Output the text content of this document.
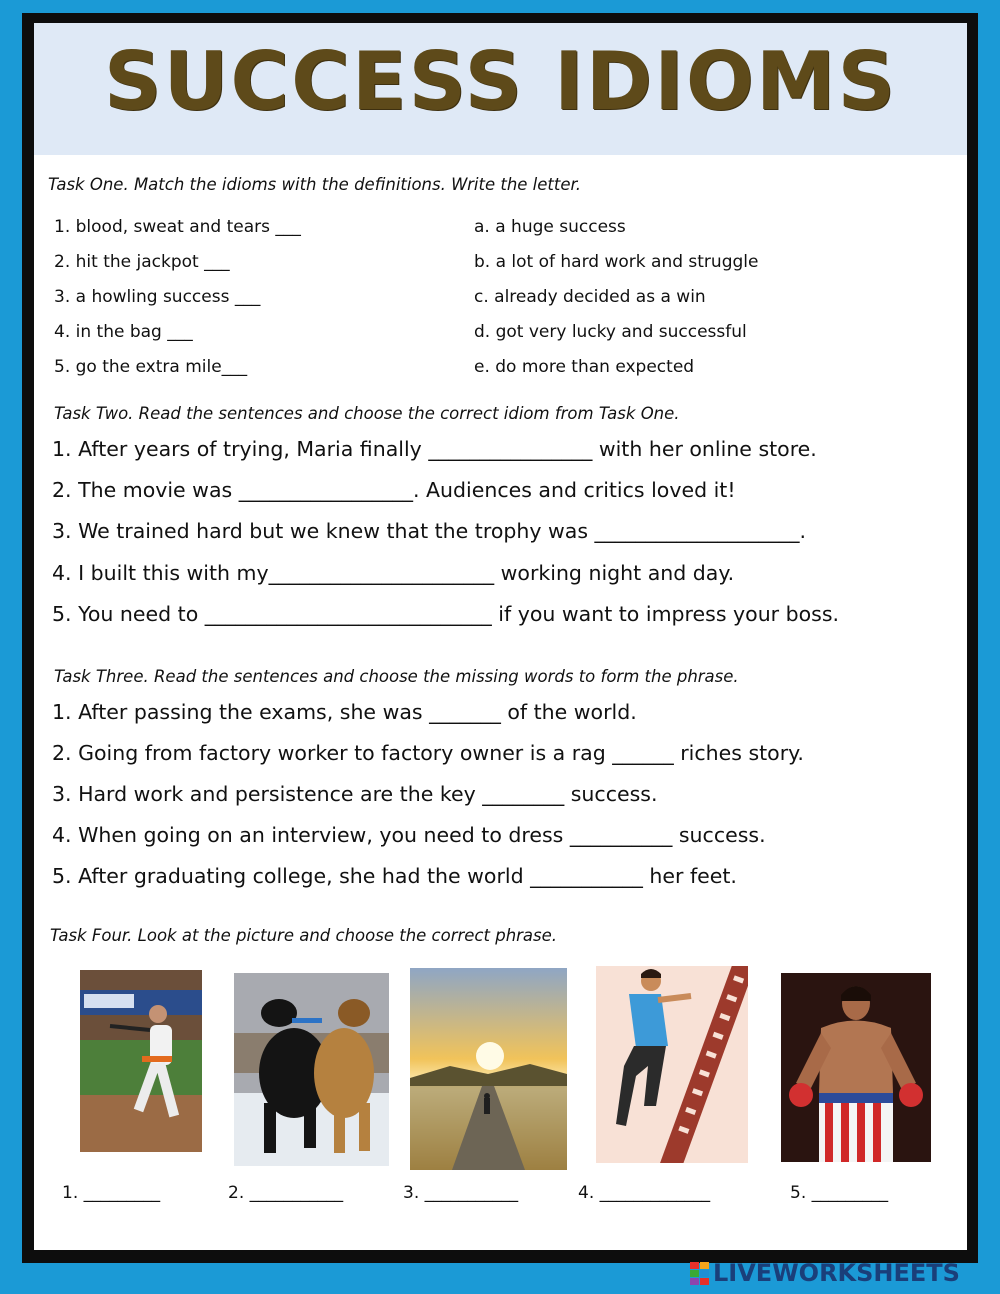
SUCCESS IDIOMS
Task One. Match the idioms with the definitions. Write the letter.
1. blood, sweat and tears ___
2. hit the jackpot ___
3. a howling success ___
4. in the bag ___
5. go the extra mile___
a. a huge success
b. a lot of hard work and struggle
c. already decided as a win
d. got very lucky and successful
e. do more than expected
Task Two. Read the sentences and choose the correct idiom from Task One.
1. After years of trying, Maria finally ________________ with her online store.
2. The movie was _________________. Audiences and critics loved it!
3. We trained hard but we knew that the trophy was ____________________.
4. I built this with my______________________ working night and day.
5. You need to ____________________________ if you want to impress your boss.
Task Three. Read the sentences and choose the missing words to form the phrase.
1. After passing the exams, she was _______ of the world.
2. Going from factory worker to factory owner is a rag ______ riches story.
3. Hard work and persistence are the key ________ success.
4. When going on an interview, you need to dress __________ success.
5. After graduating college, she had the world ___________ her feet.
Task Four. Look at the picture and choose the correct phrase.
1. _________	2. ___________	3. ___________	4. _____________	5. _________
LIVEWORKSHEETS
